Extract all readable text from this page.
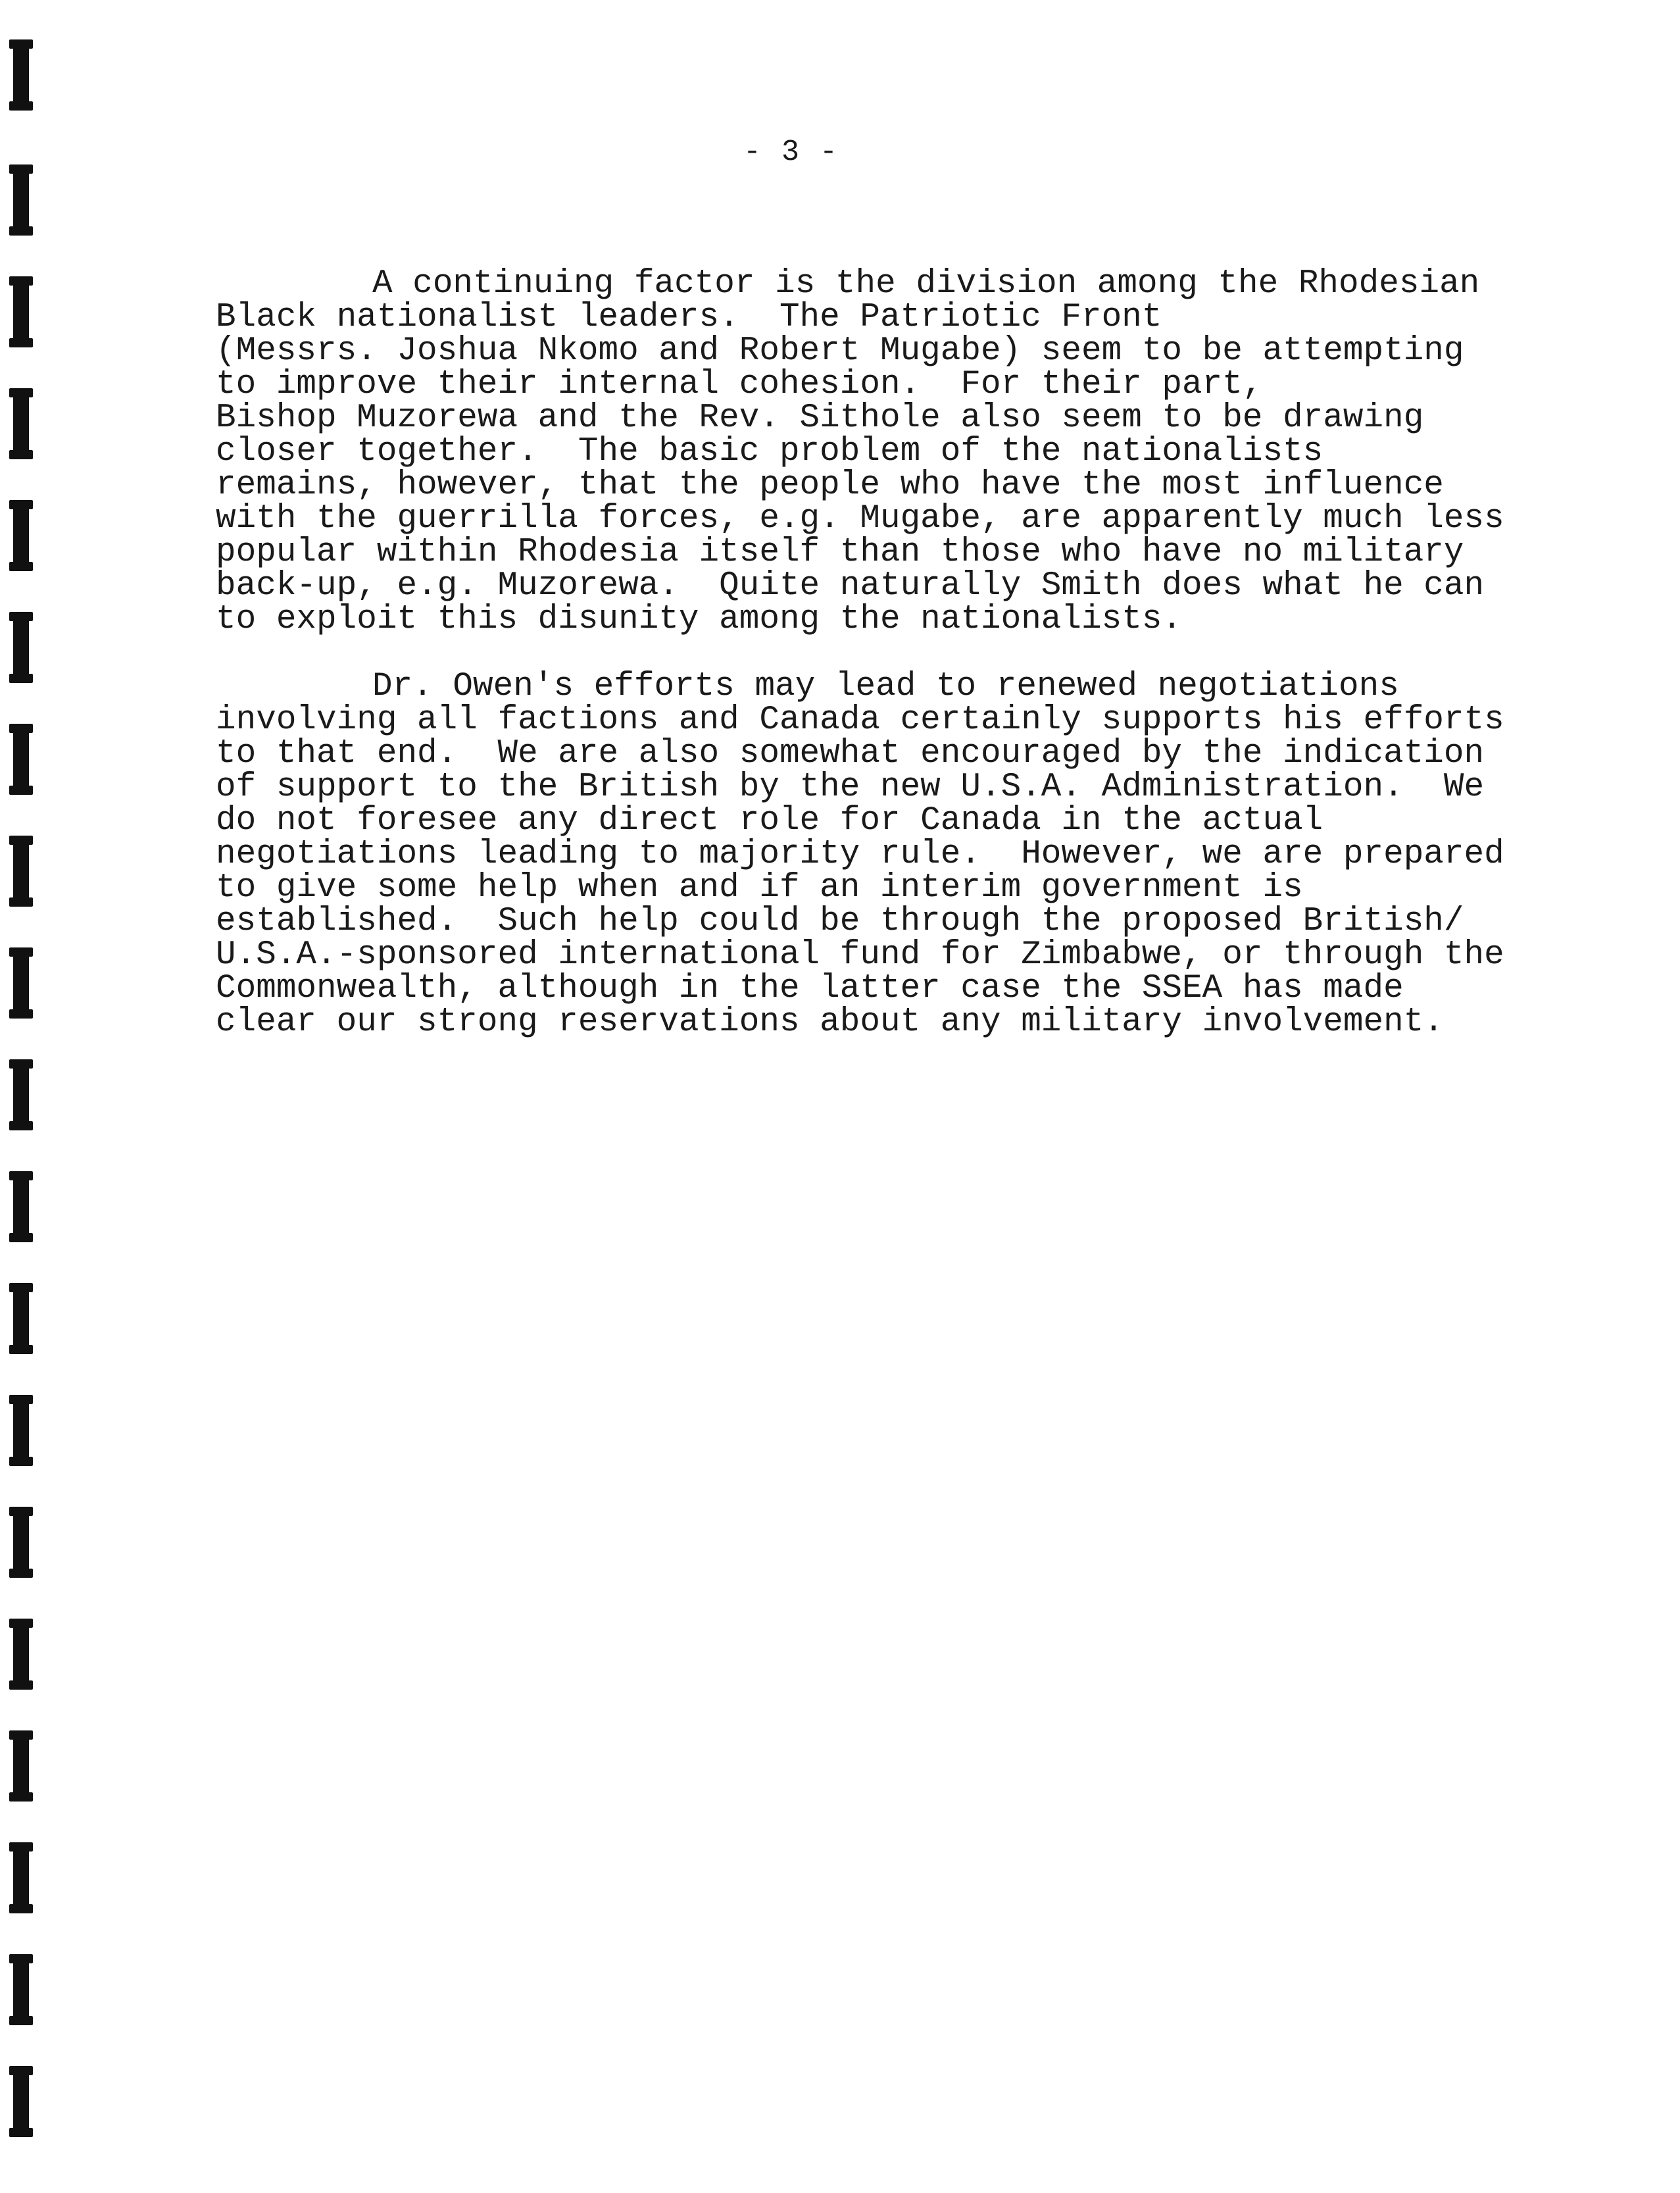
- 3 -
A continuing factor is the division among the Rhodesian
Black nationalist leaders.  The Patriotic Front
(Messrs. Joshua Nkomo and Robert Mugabe) seem to be attempting
to improve their internal cohesion.  For their part,
Bishop Muzorewa and the Rev. Sithole also seem to be drawing
closer together.  The basic problem of the nationalists
remains, however, that the people who have the most influence
with the guerrilla forces, e.g. Mugabe, are apparently much less
popular within Rhodesia itself than those who have no military
back-up, e.g. Muzorewa.  Quite naturally Smith does what he can
to exploit this disunity among the nationalists.
Dr. Owen's efforts may lead to renewed negotiations
involving all factions and Canada certainly supports his efforts
to that end.  We are also somewhat encouraged by the indication
of support to the British by the new U.S.A. Administration.  We
do not foresee any direct role for Canada in the actual
negotiations leading to majority rule.  However, we are prepared
to give some help when and if an interim government is
established.  Such help could be through the proposed British/
U.S.A.-sponsored international fund for Zimbabwe, or through the
Commonwealth, although in the latter case the SSEA has made
clear our strong reservations about any military involvement.
